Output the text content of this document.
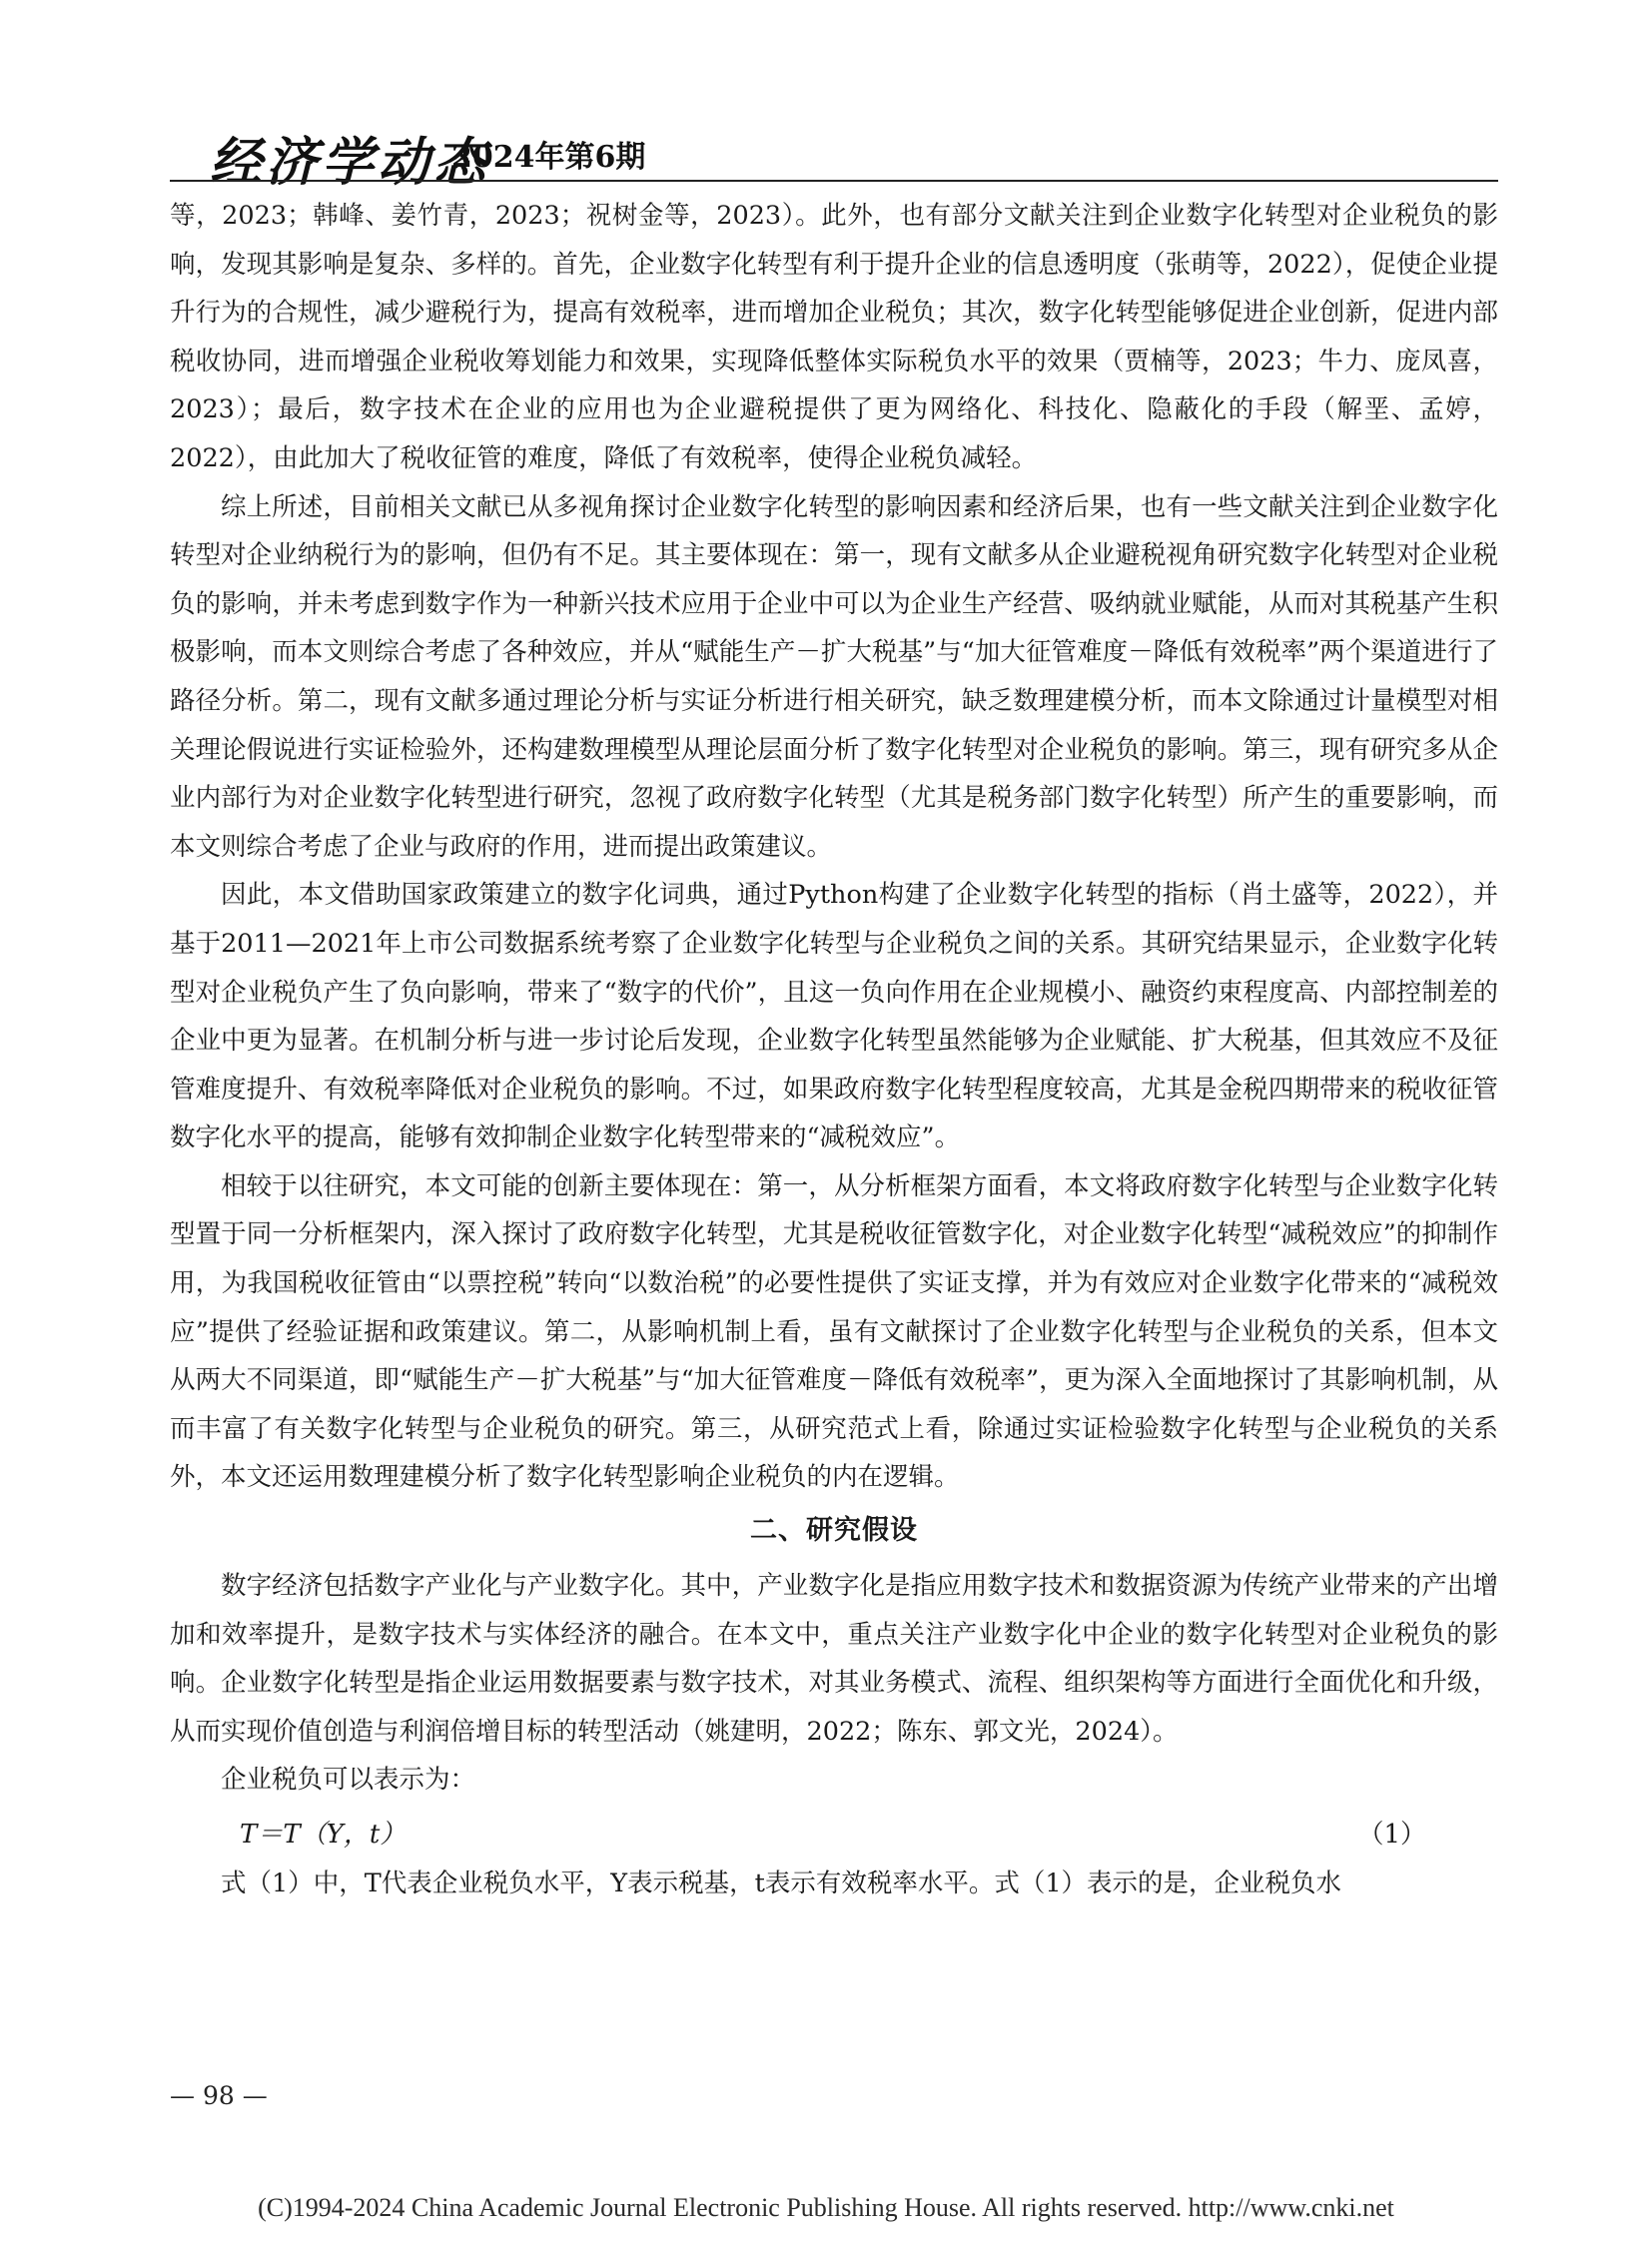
经济学动态
2024年第6期

等，2023；韩峰、姜竹青，2023；祝树金等，2023）。此外，也有部分文献关注到企业数字化转型对企业税负的影响，发现其影响是复杂、多样的。首先，企业数字化转型有利于提升企业的信息透明度（张萌等，2022），促使企业提升行为的合规性，减少避税行为，提高有效税率，进而增加企业税负；其次，数字化转型能够促进企业创新，促进内部税收协同，进而增强企业税收筹划能力和效果，实现降低整体实际税负水平的效果（贾楠等，2023；牛力、庞凤喜，2023）；最后，数字技术在企业的应用也为企业避税提供了更为网络化、科技化、隐蔽化的手段（解垩、孟婷，2022），由此加大了税收征管的难度，降低了有效税率，使得企业税负减轻。

综上所述，目前相关文献已从多视角探讨企业数字化转型的影响因素和经济后果，也有一些文献关注到企业数字化转型对企业纳税行为的影响，但仍有不足。其主要体现在：第一，现有文献多从企业避税视角研究数字化转型对企业税负的影响，并未考虑到数字作为一种新兴技术应用于企业中可以为企业生产经营、吸纳就业赋能，从而对其税基产生积极影响，而本文则综合考虑了各种效应，并从“赋能生产－扩大税基”与“加大征管难度－降低有效税率”两个渠道进行了路径分析。第二，现有文献多通过理论分析与实证分析进行相关研究，缺乏数理建模分析，而本文除通过计量模型对相关理论假说进行实证检验外，还构建数理模型从理论层面分析了数字化转型对企业税负的影响。第三，现有研究多从企业内部行为对企业数字化转型进行研究，忽视了政府数字化转型（尤其是税务部门数字化转型）所产生的重要影响，而本文则综合考虑了企业与政府的作用，进而提出政策建议。

因此，本文借助国家政策建立的数字化词典，通过Python构建了企业数字化转型的指标（肖土盛等，2022），并基于2011—2021年上市公司数据系统考察了企业数字化转型与企业税负之间的关系。其研究结果显示，企业数字化转型对企业税负产生了负向影响，带来了“数字的代价”，且这一负向作用在企业规模小、融资约束程度高、内部控制差的企业中更为显著。在机制分析与进一步讨论后发现，企业数字化转型虽然能够为企业赋能、扩大税基，但其效应不及征管难度提升、有效税率降低对企业税负的影响。不过，如果政府数字化转型程度较高，尤其是金税四期带来的税收征管数字化水平的提高，能够有效抑制企业数字化转型带来的“减税效应”。

相较于以往研究，本文可能的创新主要体现在：第一，从分析框架方面看，本文将政府数字化转型与企业数字化转型置于同一分析框架内，深入探讨了政府数字化转型，尤其是税收征管数字化，对企业数字化转型“减税效应”的抑制作用，为我国税收征管由“以票控税”转向“以数治税”的必要性提供了实证支撑，并为有效应对企业数字化带来的“减税效应”提供了经验证据和政策建议。第二，从影响机制上看，虽有文献探讨了企业数字化转型与企业税负的关系，但本文从两大不同渠道，即“赋能生产－扩大税基”与“加大征管难度－降低有效税率”，更为深入全面地探讨了其影响机制，从而丰富了有关数字化转型与企业税负的研究。第三，从研究范式上看，除通过实证检验数字化转型与企业税负的关系外，本文还运用数理建模分析了数字化转型影响企业税负的内在逻辑。

二、研究假设

数字经济包括数字产业化与产业数字化。其中，产业数字化是指应用数字技术和数据资源为传统产业带来的产出增加和效率提升，是数字技术与实体经济的融合。在本文中，重点关注产业数字化中企业的数字化转型对企业税负的影响。企业数字化转型是指企业运用数据要素与数字技术，对其业务模式、流程、组织架构等方面进行全面优化和升级，从而实现价值创造与利润倍增目标的转型活动（姚建明，2022；陈东、郭文光，2024）。

企业税负可以表示为：

T＝T（Y，t）	（1）

式（1）中，T代表企业税负水平，Y表示税基，t表示有效税率水平。式（1）表示的是，企业税负水

— 98 —
(C)1994-2024 China Academic Journal Electronic Publishing House. All rights reserved. http://www.cnki.net
